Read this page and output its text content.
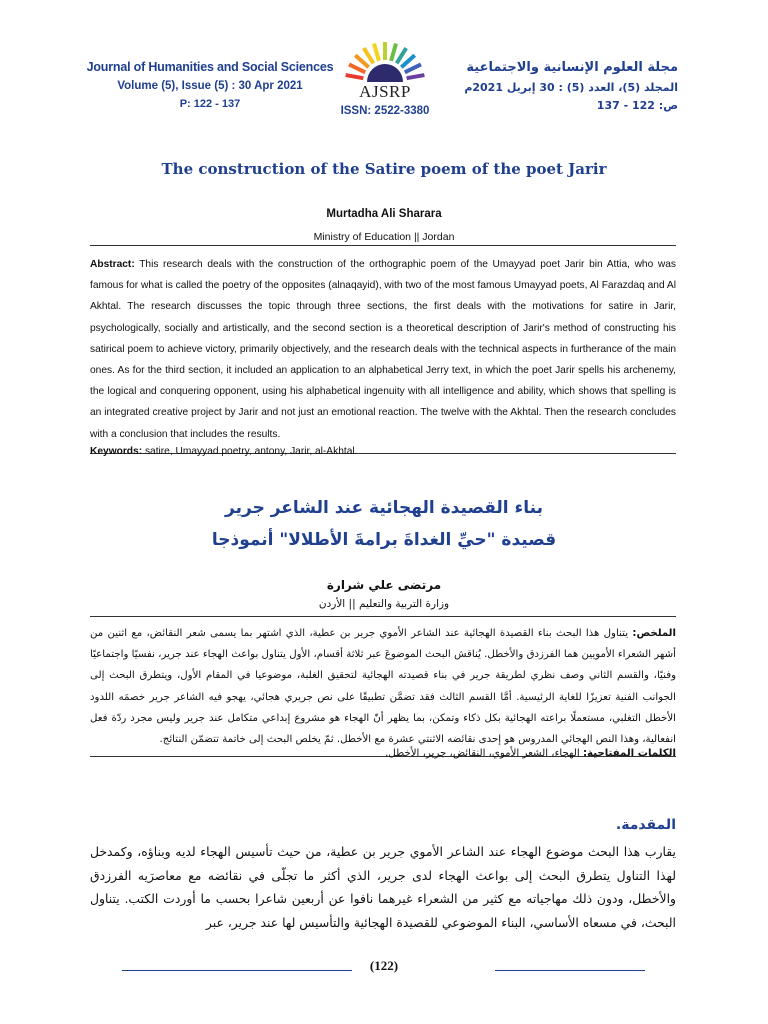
Journal of Humanities and Social Sciences
Volume (5), Issue (5) : 30 Apr 2021
P: 122 - 137
AJSRP
ISSN: 2522-3380
مجلة العلوم الإنسانية والاجتماعية
المجلد (5)، العدد (5) : 30 إبريل 2021م
ص: 122 - 137
The construction of the Satire poem of the poet Jarir
Murtadha Ali Sharara
Ministry of Education || Jordan

Abstract: This research deals with the construction of the orthographic poem of the Umayyad poet Jarir bin Attia, who was famous for what is called the poetry of the opposites (alnaqayid), with two of the most famous Umayyad poets, Al Farazdaq and Al Akhtal. The research discusses the topic through three sections, the first deals with the motivations for satire in Jarir, psychologically, socially and artistically, and the second section is a theoretical description of Jarir's method of constructing his satirical poem to achieve victory, primarily objectively, and the research deals with the technical aspects in furtherance of the main ones. As for the third section, it included an application to an alphabetical Jerry text, in which the poet Jarir spells his archenemy, the logical and conquering opponent, using his alphabetical ingenuity with all intelligence and ability, which shows that spelling is an integrated creative project by Jarir and not just an emotional reaction. The twelve with the Akhtal. Then the research concludes with a conclusion that includes the results.

Keywords: satire, Umayyad poetry, antony, Jarir, al-Akhtal.
بناء القصيدة الهجائية عند الشاعر جرير
قصيدة "حيِّ الغداةَ برامةَ الأطلالا" أنموذجا
مرتضى علي شرارة
وزارة التربية والتعليم || الأردن

الملخص: يتناول هذا البحث بناء القصيدة الهجائية عند الشاعر الأموي جرير بن عطية، الذي اشتهر بما يسمى شعر النقائض، مع اثنين من أشهر الشعراء الأمويين هما الفرزدق والأخطل. يُناقش البحث الموضوعَ عبر ثلاثة أقسام، الأول يتناول بواعث الهجاء عند جرير، نفسيًا واجتماعيًا وفنيًا، والقسم الثاني وصف نظري لطريقة جرير في بناء قصيدته الهجائية لتحقيق الغلبة، موضوعيا في المقام الأول، ويتطرق البحث إلى الجوانب الفنية تعزيزًا للغاية الرئيسية. أمَّا القسم الثالث فقد تضمَّن تطبيقًا على نص جريري هجائي، يهجو فيه الشاعر جرير خصمَه اللدود الأخطل التغلبي، مستعملًا براعته الهجائية بكل ذكاء وتمكن، بما يظهر أنّ الهجاء هو مشروع إبداعي متكامل عند جرير وليس مجرد ردّة فعل انفعالية، وهذا النص الهجائي المدروس هو إحدى نقائضه الاثنتي عشرة مع الأخطل. ثمّ يخلص البحث إلى خاتمة تتضمّن النتائج.

الكلمات المفتاحية: الهجاء، الشعر الأموي، النقائض، جرير، الأخطل.
المقدمة.
يقارب هذا البحث موضوع الهجاء عند الشاعر الأموي جرير بن عطية، من حيث تأسيس الهجاء لديه وبناؤه، وكمدخل لهذا التناول يتطرق البحث إلى بواعث الهجاء لدى جرير، الذي أكثر ما تجلّى في نقائضه مع معاصرَيه الفرزدق والأخطل، ودون ذلك مهاجياته مع كثير من الشعراء غيرهما نافوا عن أربعين شاعرا بحسب ما أوردت الكتب. يتناول البحث، في مسعاه الأساسي، البناء الموضوعي للقصيدة الهجائية والتأسيس لها عند جرير، عبر
(122)
